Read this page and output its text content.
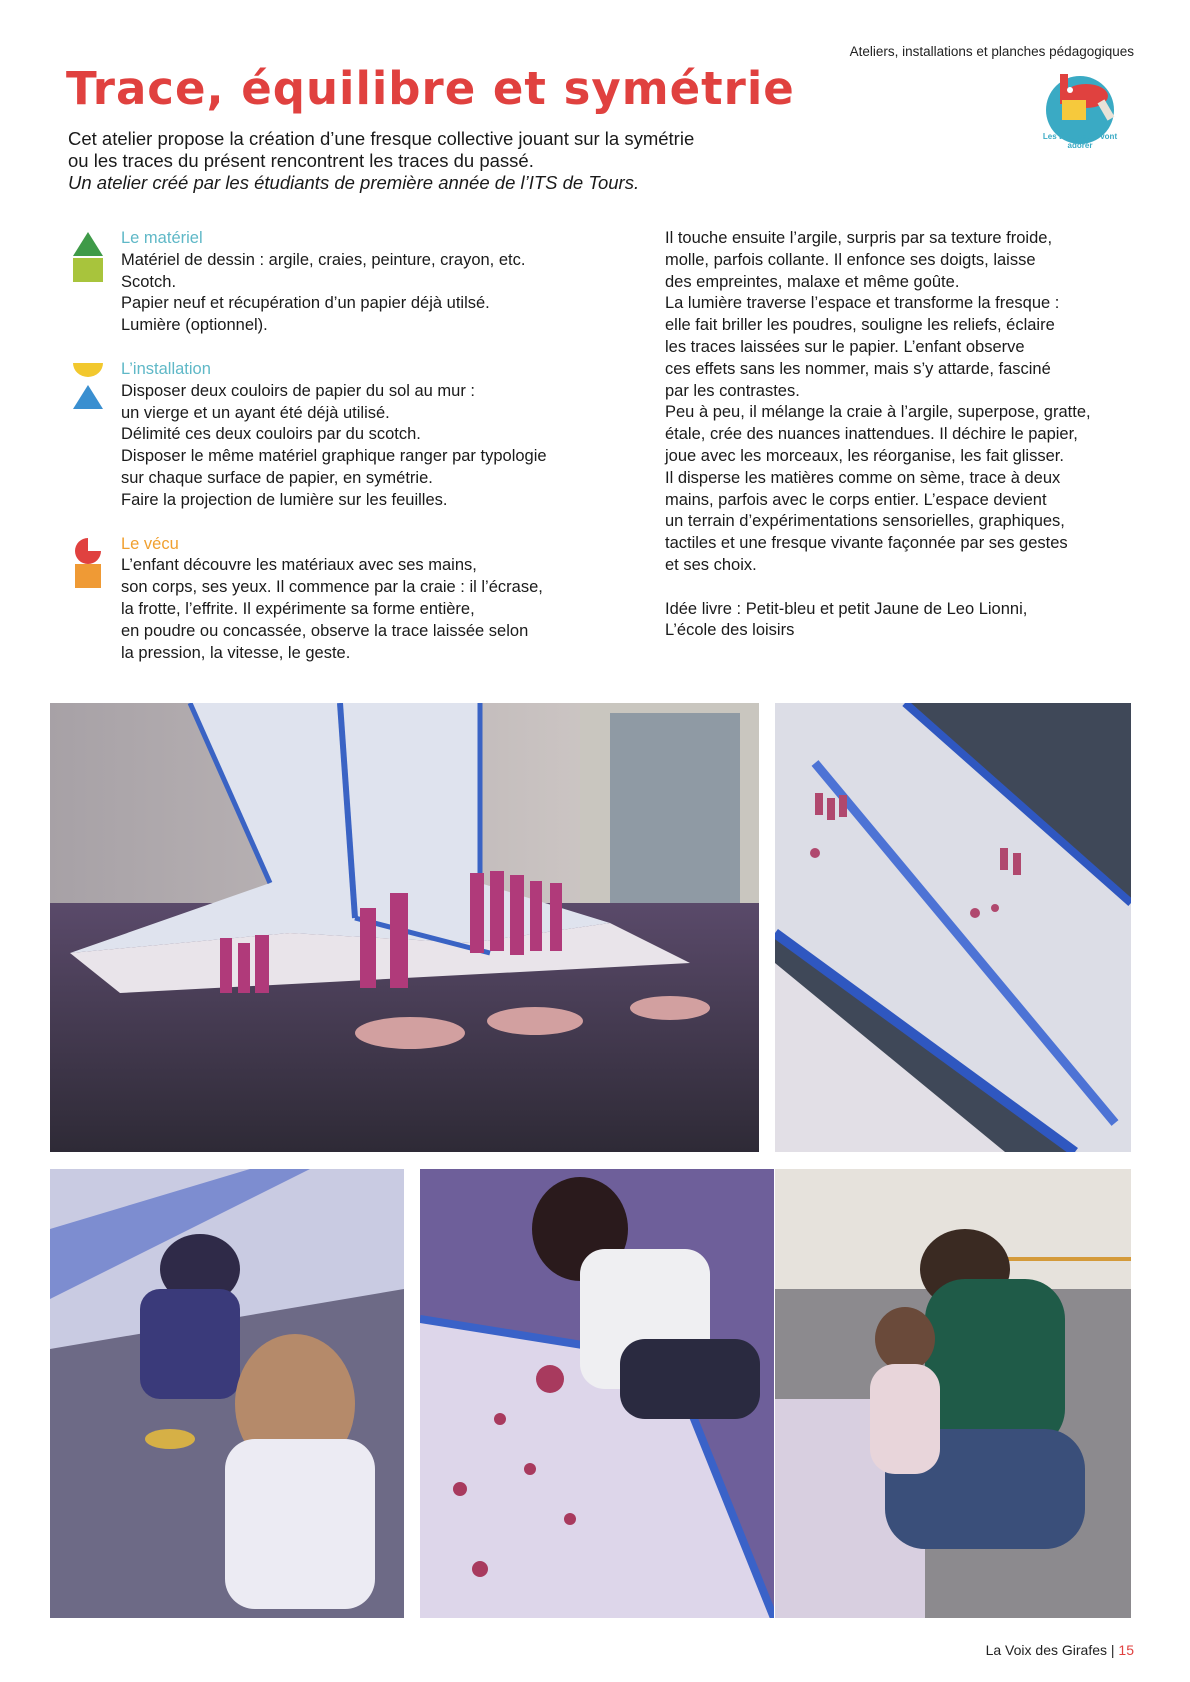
Ateliers, installations et planches pédagogiques
Trace, équilibre et symétrie
Les tout-petits vont adorer

Cet atelier propose la création d’une fresque collective jouant sur la symétrie ou les traces du présent rencontrent les traces du passé.

Un atelier créé par les étudiants de première année de l’ITS de Tours.

Le matériel
Matériel de dessin : argile, craies, peinture, crayon, etc.
Scotch.
Papier neuf et récupération d’un papier déjà utilsé.
Lumière (optionnel).
L’installation
Disposer deux couloirs de papier du sol au mur :
un vierge et un ayant été déjà utilisé.
Délimité ces deux couloirs par du scotch.
Disposer le même matériel graphique ranger par typologie
sur chaque surface de papier, en symétrie.
Faire la projection de lumière sur les feuilles.
Le vécu
L’enfant découvre les matériaux avec ses mains,
son corps, ses yeux. Il commence par la craie : il l’écrase,
la frotte, l’effrite. Il expérimente sa forme entière,
en poudre ou concassée, observe la trace laissée selon
la pression, la vitesse, le geste.
Il touche ensuite l’argile, surpris par sa texture froide,
molle, parfois collante. Il enfonce ses doigts, laisse
des empreintes, malaxe et même goûte.
La lumière traverse l’espace et transforme la fresque :
elle fait briller les poudres, souligne les reliefs, éclaire
les traces laissées sur le papier. L’enfant observe
ces effets sans les nommer, mais s’y attarde, fasciné
par les contrastes.
Peu à peu, il mélange la craie à l’argile, superpose, gratte,
étale, crée des nuances inattendues. Il déchire le papier,
joue avec les morceaux, les réorganise, les fait glisser.
Il disperse les matières comme on sème, trace à deux
mains, parfois avec le corps entier. L’espace devient
un terrain d’expérimentations sensorielles, graphiques,
tactiles et une fresque vivante façonnée par ses gestes
et ses choix.
Idée livre : Petit-bleu et petit Jaune de Leo Lionni,
L’école des loisirs
La Voix des Girafes | 15
